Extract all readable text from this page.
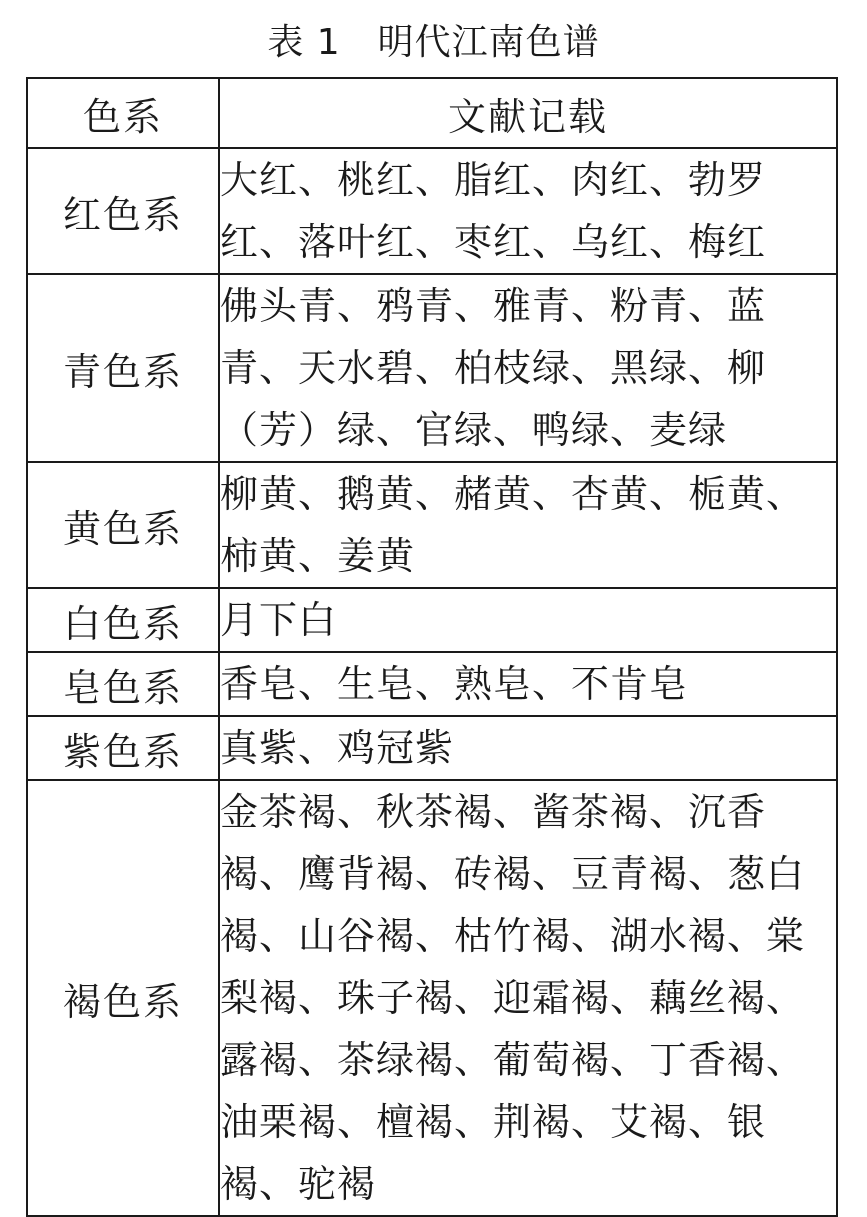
表 1　明代江南色谱
色系	文献记载
红色系	大红、桃红、脂红、肉红、勃罗红、落叶红、枣红、乌红、梅红
青色系	佛头青、鸦青、雅青、粉青、蓝青、天水碧、柏枝绿、黑绿、柳（芳）绿、官绿、鸭绿、麦绿
黄色系	柳黄、鹅黄、赭黄、杏黄、栀黄、柿黄、姜黄
白色系	月下白
皂色系	香皂、生皂、熟皂、不肯皂
紫色系	真紫、鸡冠紫
褐色系	金茶褐、秋茶褐、酱茶褐、沉香褐、鹰背褐、砖褐、豆青褐、葱白褐、山谷褐、枯竹褐、湖水褐、棠梨褐、珠子褐、迎霜褐、藕丝褐、露褐、茶绿褐、葡萄褐、丁香褐、油栗褐、檀褐、荆褐、艾褐、银褐、驼褐
